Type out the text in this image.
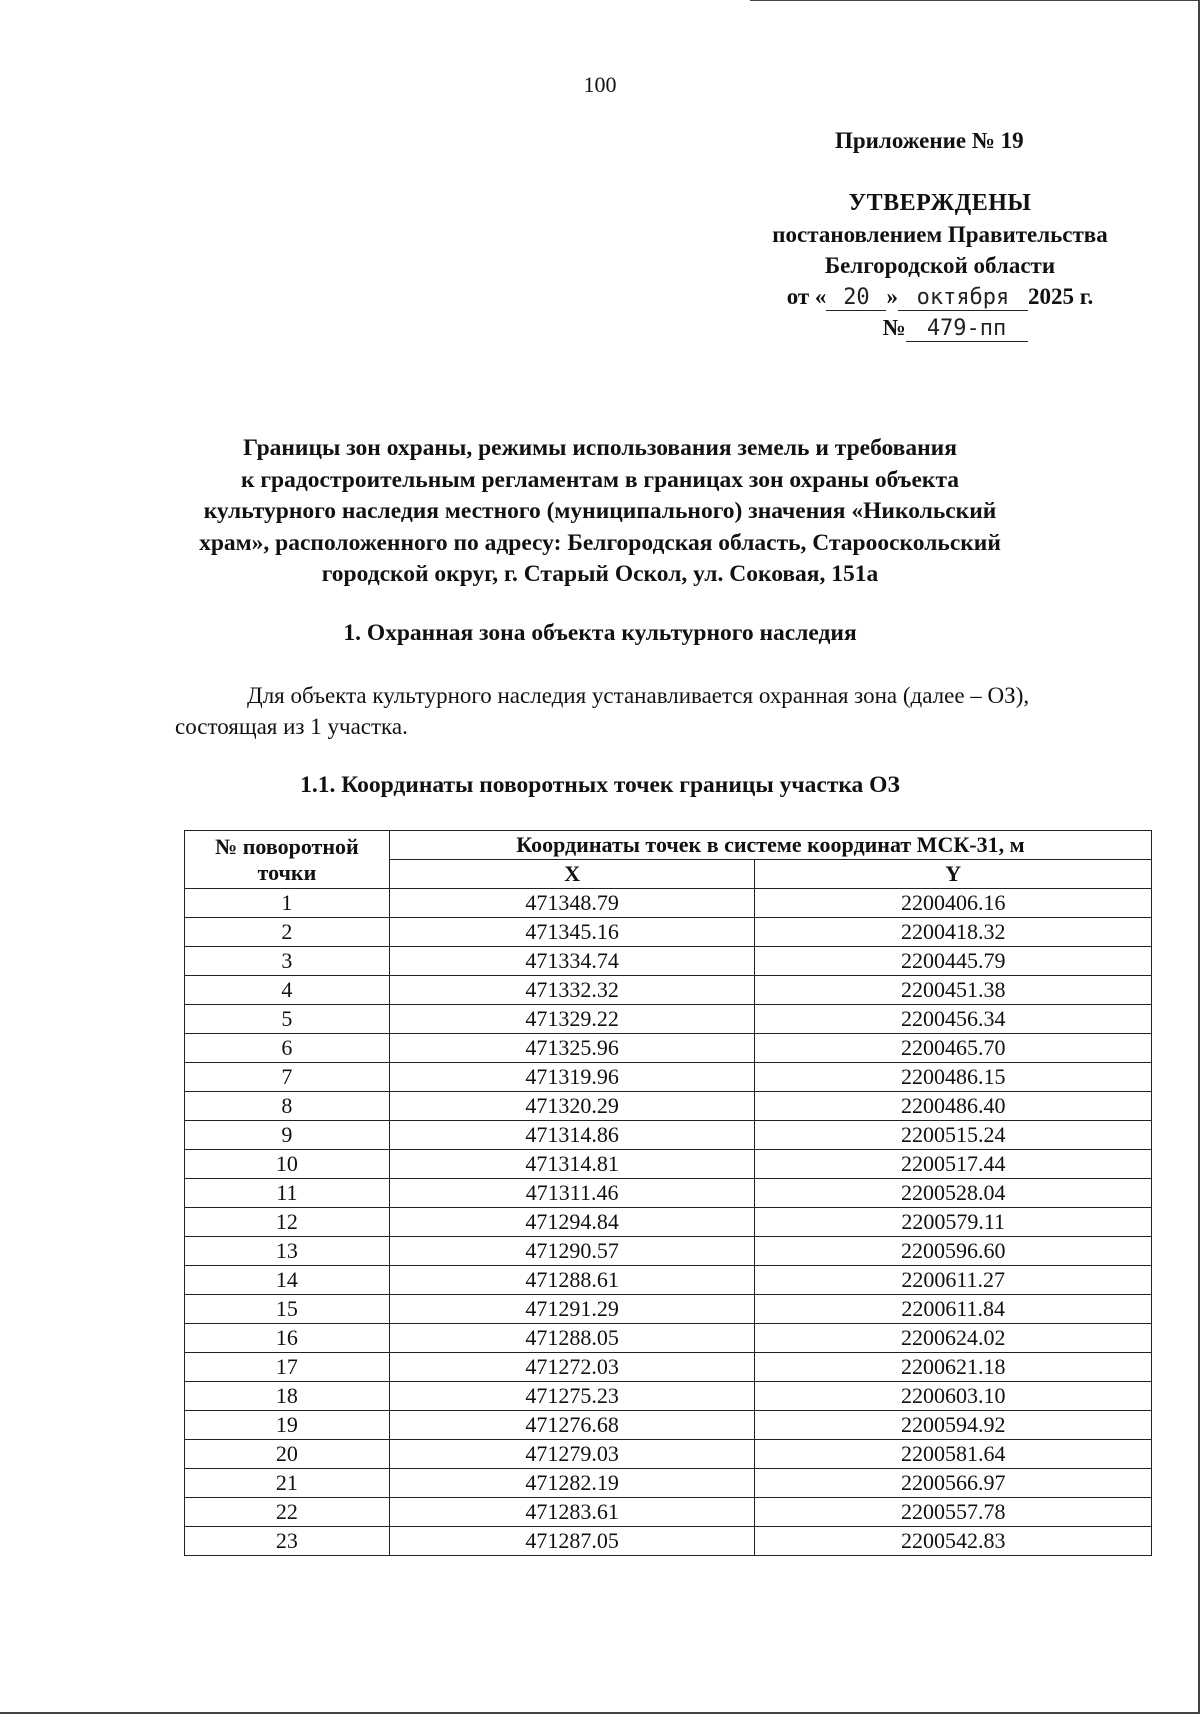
100
Приложение № 19
УТВЕРЖДЕНЫ
постановлением Правительства
Белгородской области
от « 20 » октября 2025 г.
№ 479-пп
Границы зон охраны, режимы использования земель и требования
к градостроительным регламентам в границах зон охраны объекта
культурного наследия местного (муниципального) значения «Никольский
храм», расположенного по адресу: Белгородская область, Старооскольский
городской округ, г. Старый Оскол, ул. Соковая, 151а
1. Охранная зона объекта культурного наследия
Для объекта культурного наследия устанавливается охранная зона (далее – ОЗ),
состоящая из 1 участка.
1.1. Координаты поворотных точек границы участка ОЗ
№ поворотной
точки	Координаты точек в системе координат МСК-31, м	
	X	Y
1	471348.79	2200406.16
2	471345.16	2200418.32
3	471334.74	2200445.79
4	471332.32	2200451.38
5	471329.22	2200456.34
6	471325.96	2200465.70
7	471319.96	2200486.15
8	471320.29	2200486.40
9	471314.86	2200515.24
10	471314.81	2200517.44
11	471311.46	2200528.04
12	471294.84	2200579.11
13	471290.57	2200596.60
14	471288.61	2200611.27
15	471291.29	2200611.84
16	471288.05	2200624.02
17	471272.03	2200621.18
18	471275.23	2200603.10
19	471276.68	2200594.92
20	471279.03	2200581.64
21	471282.19	2200566.97
22	471283.61	2200557.78
23	471287.05	2200542.83
